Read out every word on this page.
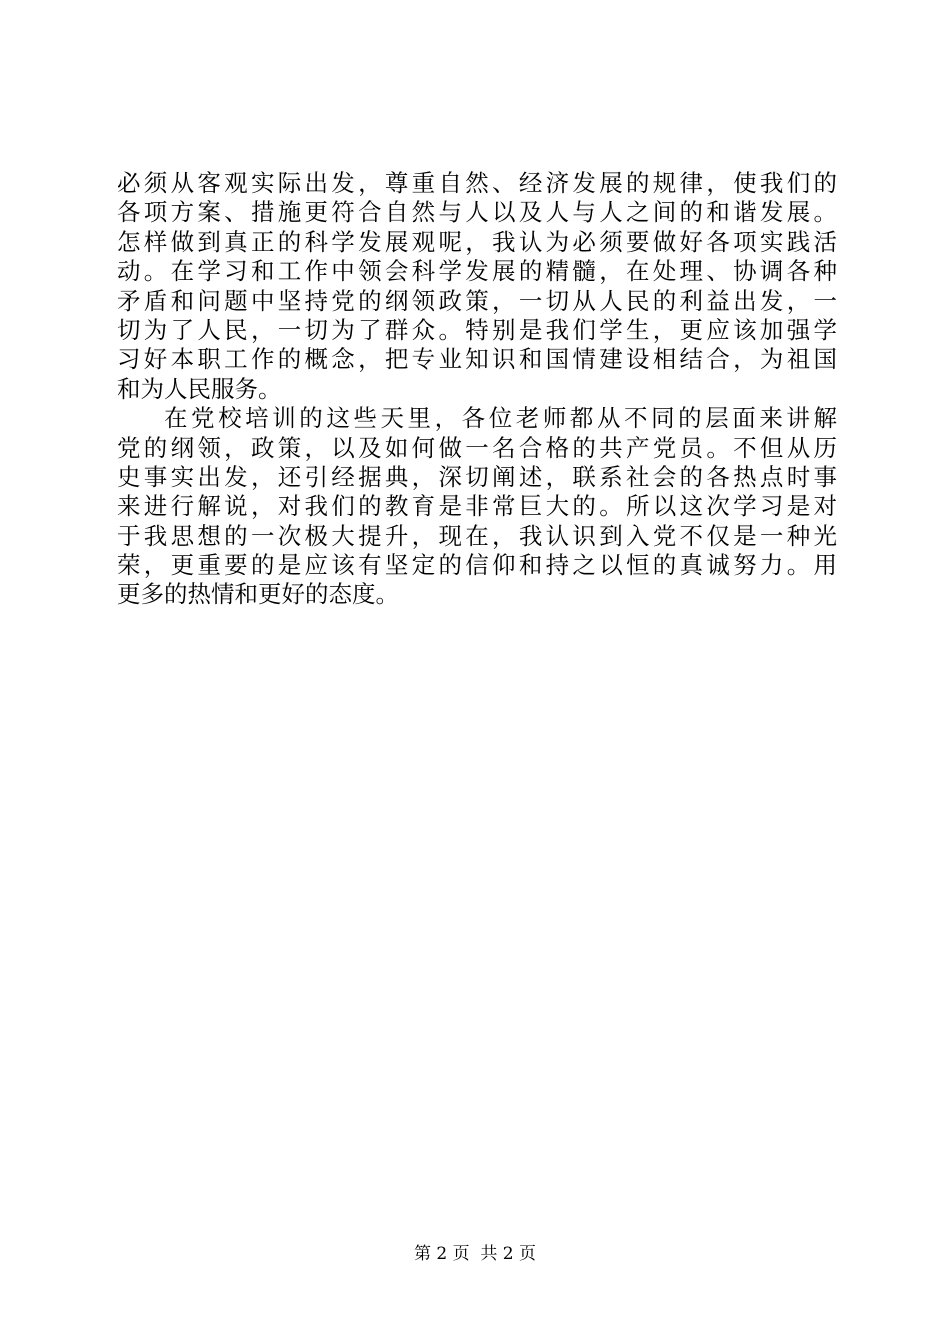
必须从客观实际出发，尊重自然、经济发展的规律，使我们的
各项方案、措施更符合自然与人以及人与人之间的和谐发展。
怎样做到真正的科学发展观呢，我认为必须要做好各项实践活
动。在学习和工作中领会科学发展的精髓，在处理、协调各种
矛盾和问题中坚持党的纲领政策，一切从人民的利益出发，一
切为了人民，一切为了群众。特别是我们学生，更应该加强学
习好本职工作的概念，把专业知识和国情建设相结合，为祖国
和为人民服务。
在党校培训的这些天里，各位老师都从不同的层面来讲解
党的纲领，政策，以及如何做一名合格的共产党员。不但从历
史事实出发，还引经据典，深切阐述，联系社会的各热点时事
来进行解说，对我们的教育是非常巨大的。所以这次学习是对
于我思想的一次极大提升，现在，我认识到入党不仅是一种光
荣，更重要的是应该有坚定的信仰和持之以恒的真诚努力。用
更多的热情和更好的态度。
第 2 页  共 2 页
